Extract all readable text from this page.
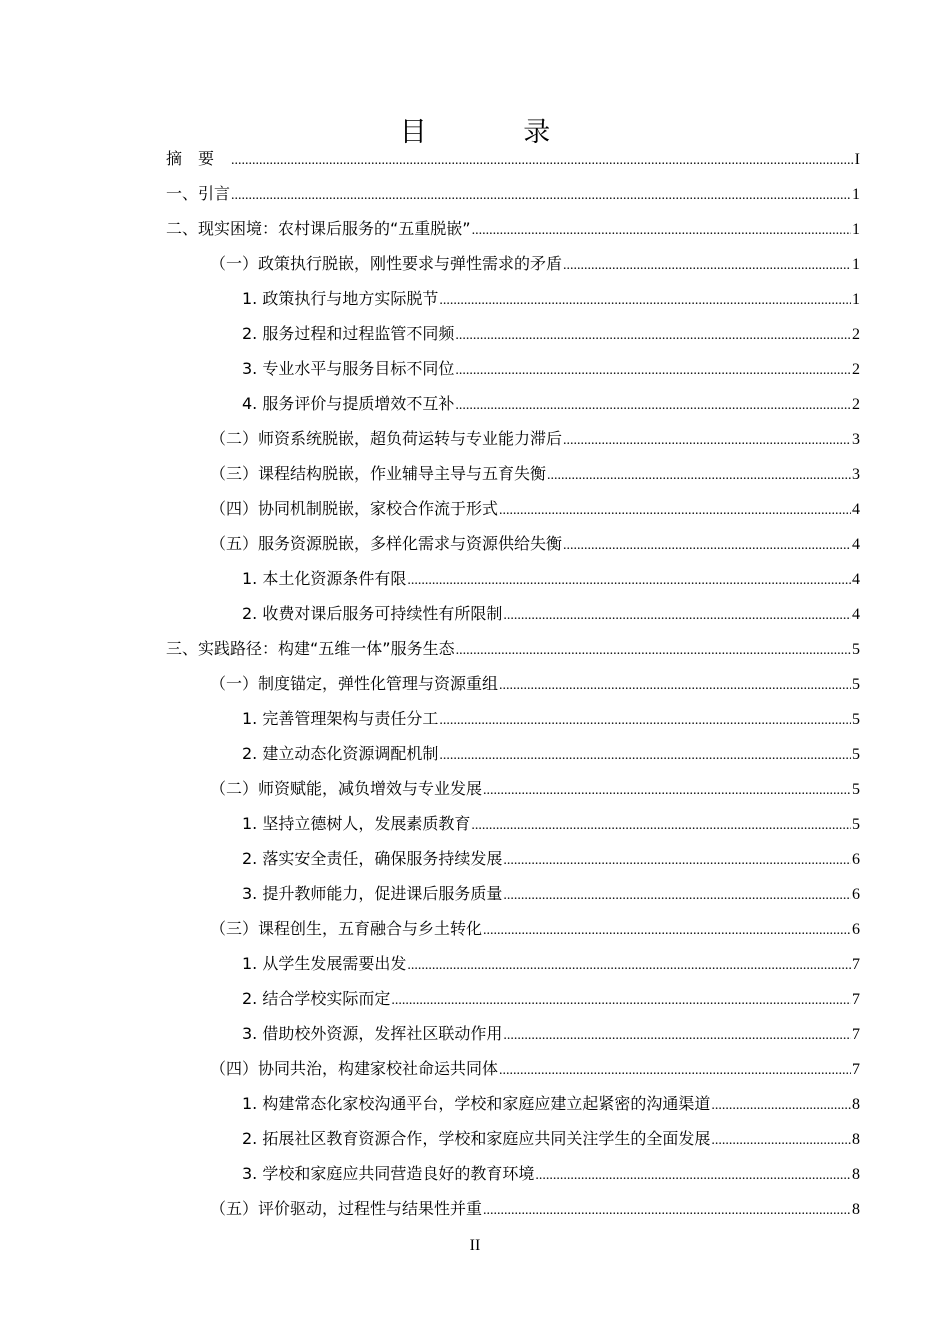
目 录
摘要 .....	I
一、引言 .....	1
二、现实困境：农村课后服务的“五重脱嵌” .....	1
（一）政策执行脱嵌，刚性要求与弹性需求的矛盾 .....	1
1. 政策执行与地方实际脱节 .....	1
2. 服务过程和过程监管不同频 .....	2
3. 专业水平与服务目标不同位 .....	2
4. 服务评价与提质增效不互补 .....	2
（二）师资系统脱嵌，超负荷运转与专业能力滞后 .....	3
（三）课程结构脱嵌，作业辅导主导与五育失衡 .....	3
（四）协同机制脱嵌，家校合作流于形式 .....	4
（五）服务资源脱嵌，多样化需求与资源供给失衡 .....	4
1. 本土化资源条件有限 .....	4
2. 收费对课后服务可持续性有所限制 .....	4
三、实践路径：构建“五维一体”服务生态 .....	5
（一）制度锚定，弹性化管理与资源重组 .....	5
1. 完善管理架构与责任分工 .....	5
2. 建立动态化资源调配机制 .....	5
（二）师资赋能，减负增效与专业发展 .....	5
1. 坚持立德树人，发展素质教育 .....	5
2. 落实安全责任，确保服务持续发展 .....	6
3. 提升教师能力，促进课后服务质量 .....	6
（三）课程创生，五育融合与乡土转化 .....	6
1. 从学生发展需要出发 .....	7
2. 结合学校实际而定 .....	7
3. 借助校外资源，发挥社区联动作用 .....	7
（四）协同共治，构建家校社命运共同体 .....	7
1. 构建常态化家校沟通平台，学校和家庭应建立起紧密的沟通渠道 .....	8
2. 拓展社区教育资源合作，学校和家庭应共同关注学生的全面发展 .....	8
3. 学校和家庭应共同营造良好的教育环境 .....	8
（五）评价驱动，过程性与结果性并重 .....	8
II
